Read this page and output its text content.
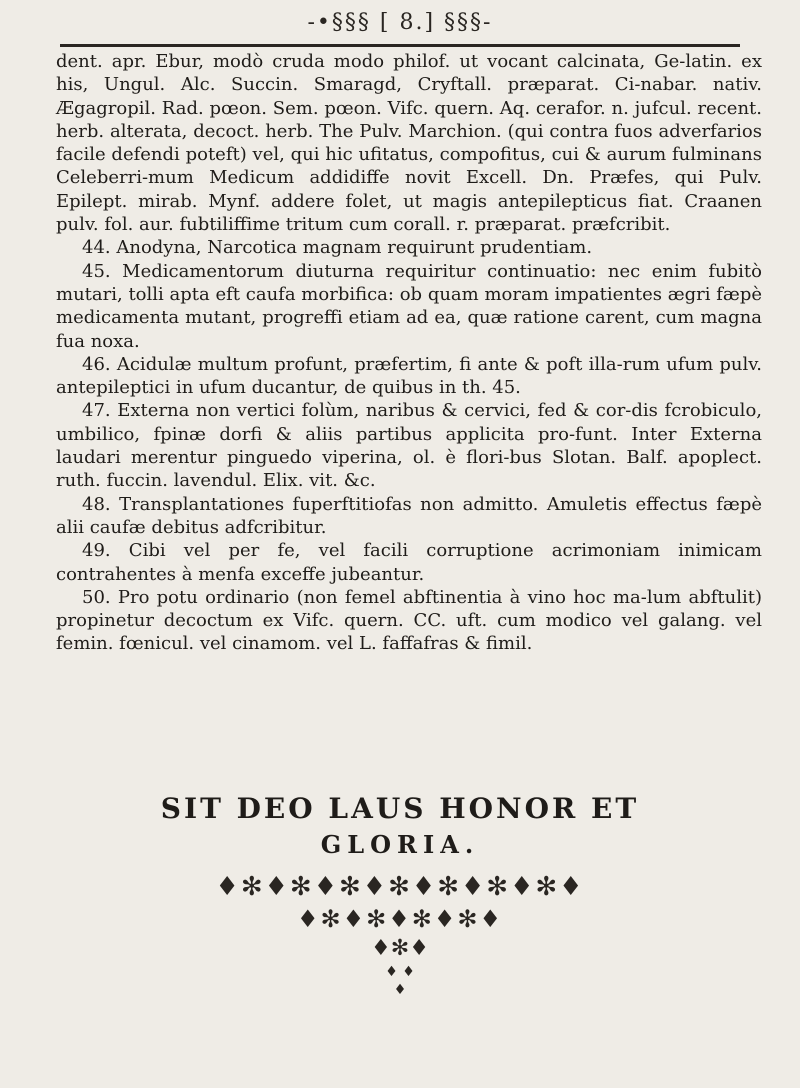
-•§§§ [ 8.] §§§-

dent. apr. Ebur, modò cruda modo philof. ut vocant calcinata, Ge-latin. ex his, Ungul. Alc. Succin. Smaragd, Cryftall. præparat. Ci-nabar. nativ. Ægagropil. Rad. pœon. Sem. pœon. Vifc. quern. Aq. cerafor. n. jufcul. recent. herb. alterata, decoct. herb. The Pulv. Marchion. (qui contra fuos adverfarios facile defendi poteft) vel, qui hic ufitatus, compofitus, cui & aurum fulminans Celeberri-mum Medicum addidiffe novit Excell. Dn. Præfes, qui Pulv. Epilept. mirab. Mynf. addere folet, ut magis antepilepticus fiat. Craanen pulv. fol. aur. fubtiliffime tritum cum corall. r. præparat. præfcribit.

44. Anodyna, Narcotica magnam requirunt prudentiam.

45. Medicamentorum diuturna requiritur continuatio: nec enim fubitò mutari, tolli apta eft caufa morbifica: ob quam moram impatientes ægri fæpè medicamenta mutant, progreffi etiam ad ea, quæ ratione carent, cum magna fua noxa.

46. Acidulæ multum profunt, præfertim, fi ante & poft illa-rum ufum pulv. antepileptici in ufum ducantur, de quibus in th. 45.

47. Externa non vertici folùm, naribus & cervici, fed & cor-dis fcrobiculo, umbilico, fpinæ dorfi & aliis partibus applicita pro-funt. Inter Externa laudari merentur pinguedo viperina, ol. è flori-bus Slotan. Balf. apoplect. ruth. fuccin. lavendul. Elix. vit. &c.

48. Transplantationes fuperftitiofas non admitto. Amuletis effectus fæpè alii caufæ debitus adfcribitur.

49. Cibi vel per fe, vel facili corruptione acrimoniam inimicam contrahentes à menfa exceffe jubeantur.

50. Pro potu ordinario (non femel abftinentia à vino hoc ma-lum abftulit) propinetur decoctum ex Vifc. quern. CC. uft. cum modico vel galang. vel femin. fœnicul. vel cinamom. vel L. faffafras & fimil.

SIT DEO LAUS HONOR ET
GLORIA.
♦✻♦✻♦✻♦✻♦✻♦✻♦✻♦
♦✻♦✻♦✻♦✻♦
♦✻♦
♦ ♦
♦
